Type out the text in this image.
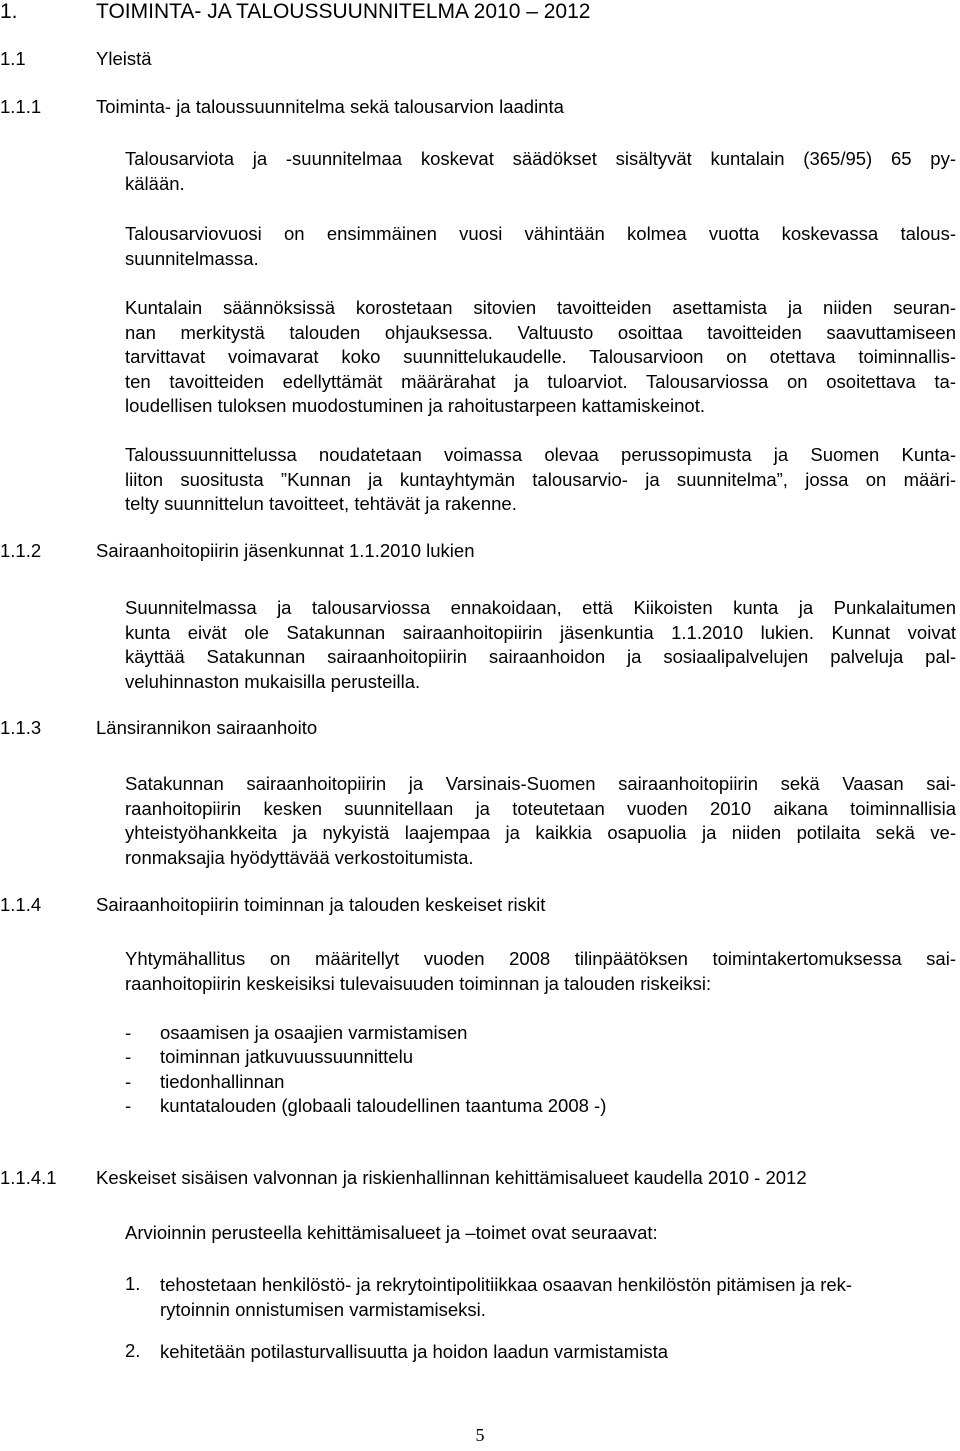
1.	TOIMINTA- JA TALOUSSUUNNITELMA 2010 – 2012
1.1	Yleistä
1.1.1	Toiminta- ja taloussuunnitelma sekä talousarvion laadinta
Talousarviota ja -suunnitelmaa koskevat säädökset sisältyvät kuntalain (365/95) 65 py-
kälään.
Talousarviovuosi on ensimmäinen vuosi vähintään kolmea vuotta koskevassa talous-
suunnitelmassa.
Kuntalain säännöksissä korostetaan sitovien tavoitteiden asettamista ja niiden seuran-
nan merkitystä talouden ohjauksessa. Valtuusto osoittaa tavoitteiden saavuttamiseen
tarvittavat voimavarat koko suunnittelukaudelle. Talousarvioon on otettava toiminnallis-
ten tavoitteiden edellyttämät määrärahat ja tuloarviot. Talousarviossa on osoitettava ta-
loudellisen tuloksen muodostuminen ja rahoitustarpeen kattamiskeinot.
Taloussuunnittelussa noudatetaan voimassa olevaa perussopimusta ja Suomen Kunta-
liiton suositusta ”Kunnan ja kuntayhtymän talousarvio- ja suunnitelma”, jossa on määri-
telty suunnittelun tavoitteet, tehtävät ja rakenne.
1.1.2	Sairaanhoitopiirin jäsenkunnat 1.1.2010 lukien
Suunnitelmassa ja talousarviossa ennakoidaan, että Kiikoisten kunta ja Punkalaitumen
kunta eivät ole Satakunnan sairaanhoitopiirin jäsenkuntia 1.1.2010 lukien. Kunnat voivat
käyttää Satakunnan sairaanhoitopiirin sairaanhoidon ja sosiaalipalvelujen palveluja pal-
veluhinnaston mukaisilla perusteilla.
1.1.3	Länsirannikon sairaanhoito
Satakunnan sairaanhoitopiirin ja Varsinais-Suomen sairaanhoitopiirin sekä Vaasan sai-
raanhoitopiirin kesken suunnitellaan ja toteutetaan vuoden 2010 aikana toiminnallisia
yhteistyöhankkeita ja nykyistä laajempaa ja kaikkia osapuolia ja niiden potilaita sekä ve-
ronmaksajia hyödyttävää verkostoitumista.
1.1.4	Sairaanhoitopiirin toiminnan ja talouden keskeiset riskit
Yhtymähallitus on määritellyt vuoden 2008 tilinpäätöksen toimintakertomuksessa sai-
raanhoitopiirin keskeisiksi tulevaisuuden toiminnan ja talouden riskeiksi:
- osaamisen ja osaajien varmistamisen
- toiminnan jatkuvuussuunnittelu
- tiedonhallinnan
- kuntatalouden (globaali taloudellinen taantuma 2008 -)
1.1.4.1 Keskeiset sisäisen valvonnan ja riskienhallinnan kehittämisalueet kaudella 2010 - 2012
Arvioinnin perusteella kehittämisalueet ja –toimet ovat seuraavat:
1. tehostetaan henkilöstö- ja rekrytointipolitiikkaa osaavan henkilöstön pitämisen ja rek-
rytoinnin onnistumisen varmistamiseksi.
2. kehitetään potilasturvallisuutta ja hoidon laadun varmistamista
5
